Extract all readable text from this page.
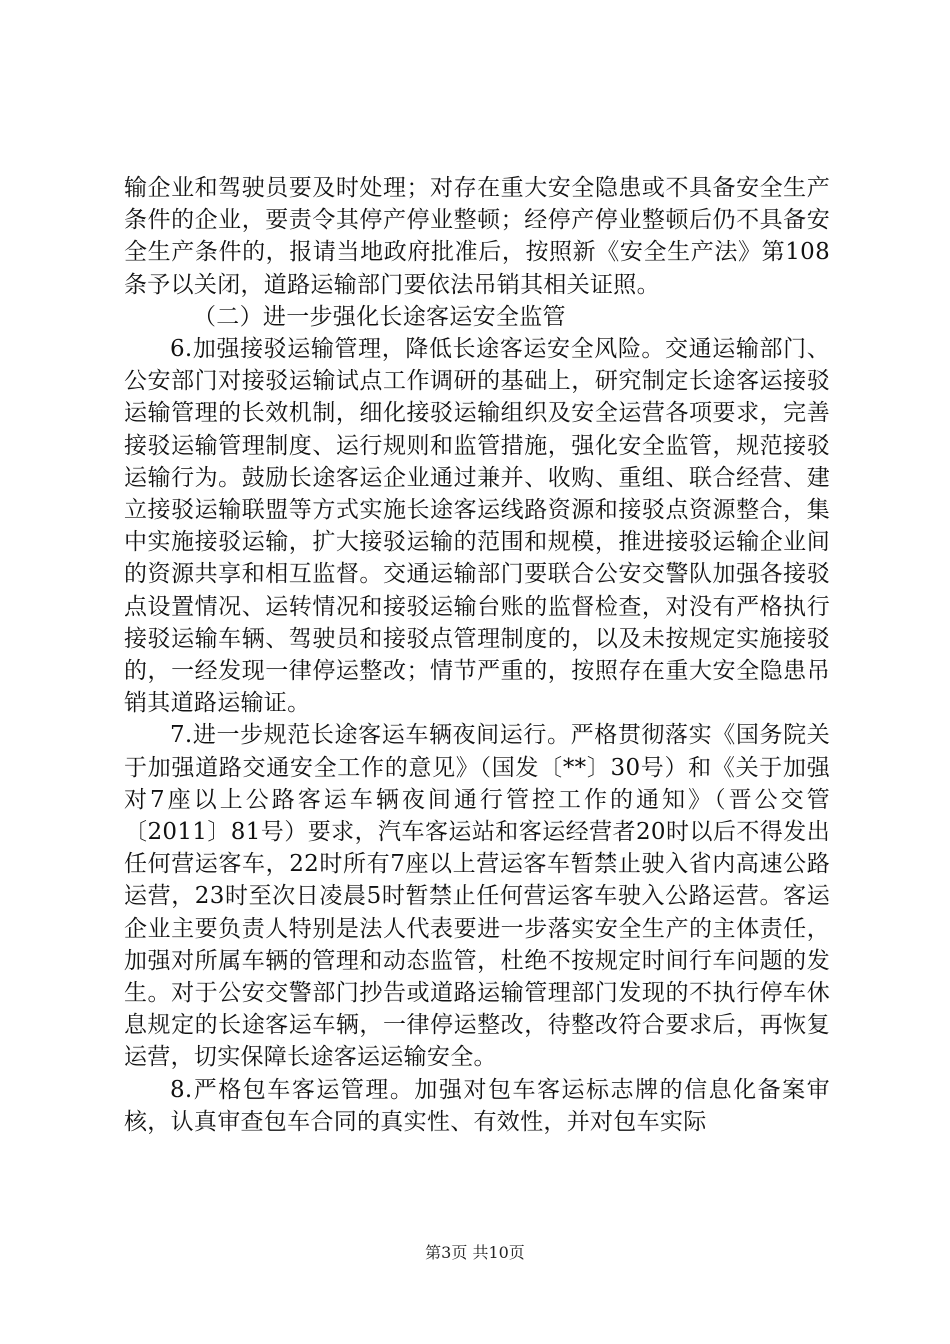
输企业和驾驶员要及时处理；对存在重大安全隐患或不具备安全生产条件的企业，要责令其停产停业整顿；经停产停业整顿后仍不具备安全生产条件的，报请当地政府批准后，按照新《安全生产法》第108条予以关闭，道路运输部门要依法吊销其相关证照。

（二）进一步强化长途客运安全监管

6.加强接驳运输管理，降低长途客运安全风险。交通运输部门、公安部门对接驳运输试点工作调研的基础上，研究制定长途客运接驳运输管理的长效机制，细化接驳运输组织及安全运营各项要求，完善接驳运输管理制度、运行规则和监管措施，强化安全监管，规范接驳运输行为。鼓励长途客运企业通过兼并、收购、重组、联合经营、建立接驳运输联盟等方式实施长途客运线路资源和接驳点资源整合，集中实施接驳运输，扩大接驳运输的范围和规模，推进接驳运输企业间的资源共享和相互监督。交通运输部门要联合公安交警队加强各接驳点设置情况、运转情况和接驳运输台账的监督检查，对没有严格执行接驳运输车辆、驾驶员和接驳点管理制度的，以及未按规定实施接驳的，一经发现一律停运整改；情节严重的，按照存在重大安全隐患吊销其道路运输证。

7.进一步规范长途客运车辆夜间运行。严格贯彻落实《国务院关于加强道路交通安全工作的意见》（国发〔**〕30号）和《关于加强对7座以上公路客运车辆夜间通行管控工作的通知》（晋公交管〔2011〕81号）要求，汽车客运站和客运经营者20时以后不得发出任何营运客车，22时所有7座以上营运客车暂禁止驶入省内高速公路运营，23时至次日凌晨5时暂禁止任何营运客车驶入公路运营。客运企业主要负责人特别是法人代表要进一步落实安全生产的主体责任，加强对所属车辆的管理和动态监管，杜绝不按规定时间行车问题的发生。对于公安交警部门抄告或道路运输管理部门发现的不执行停车休息规定的长途客运车辆，一律停运整改，待整改符合要求后，再恢复运营，切实保障长途客运运输安全。

8.严格包车客运管理。加强对包车客运标志牌的信息化备案审核，认真审查包车合同的真实性、有效性，并对包车实际

第3页 共10页
